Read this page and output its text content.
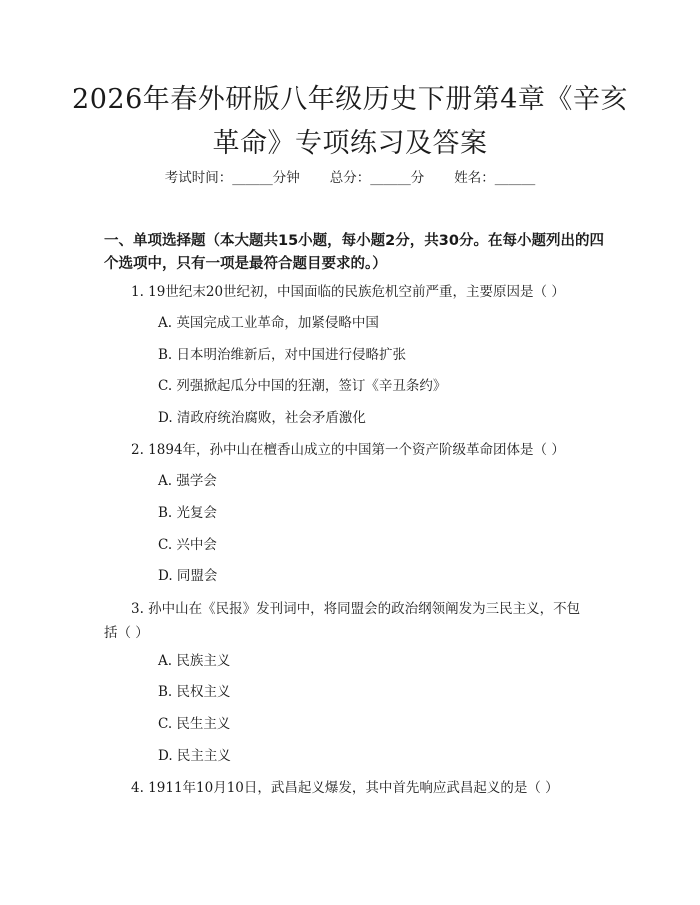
2026年春外研版八年级历史下册第4章《辛亥革命》专项练习及答案
考试时间：______分钟 总分：______分 姓名：______
一、单项选择题（本大题共15小题，每小题2分，共30分。在每小题列出的四个选项中，只有一项是最符合题目要求的。）
1. 19世纪末20世纪初，中国面临的民族危机空前严重，主要原因是（ ）
A. 英国完成工业革命，加紧侵略中国
B. 日本明治维新后，对中国进行侵略扩张
C. 列强掀起瓜分中国的狂潮，签订《辛丑条约》
D. 清政府统治腐败，社会矛盾激化
2. 1894年，孙中山在檀香山成立的中国第一个资产阶级革命团体是（ ）
A. 强学会
B. 光复会
C. 兴中会
D. 同盟会
3. 孙中山在《民报》发刊词中，将同盟会的政治纲领阐发为三民主义，不包括（ ）
A. 民族主义
B. 民权主义
C. 民生主义
D. 民主主义
4. 1911年10月10日，武昌起义爆发，其中首先响应武昌起义的是（ ）
